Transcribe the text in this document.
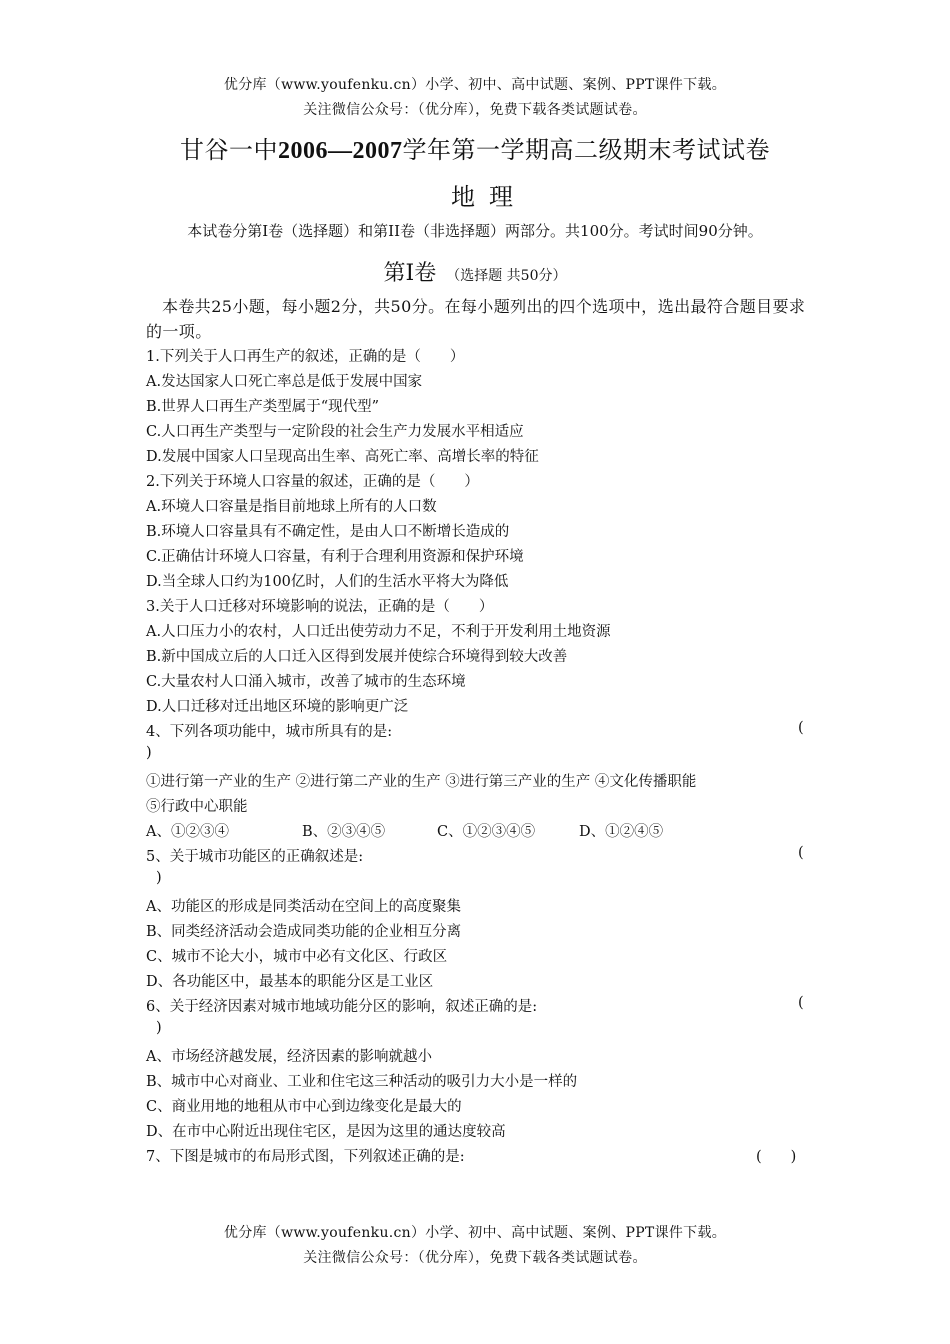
优分库（www.youfenku.cn）小学、初中、高中试题、案例、PPT课件下载。
关注微信公众号：（优分库），免费下载各类试题试卷。
甘谷一中2006—2007学年第一学期高二级期末考试试卷
地理
本试卷分第I卷（选择题）和第II卷（非选择题）两部分。共100分。考试时间90分钟。
第I卷 （选择题 共50分）
本卷共25小题，每小题2分，共50分。在每小题列出的四个选项中，选出最符合题目要求的一项。
1.下列关于人口再生产的叙述，正确的是（　　）
A.发达国家人口死亡率总是低于发展中国家
B.世界人口再生产类型属于“现代型”
C.人口再生产类型与一定阶段的社会生产力发展水平相适应
D.发展中国家人口呈现高出生率、高死亡率、高增长率的特征
2.下列关于环境人口容量的叙述，正确的是（　　）
A.环境人口容量是指目前地球上所有的人口数
B.环境人口容量具有不确定性，是由人口不断增长造成的
C.正确估计环境人口容量，有利于合理利用资源和保护环境
D.当全球人口约为100亿时，人们的生活水平将大为降低
3.关于人口迁移对环境影响的说法，正确的是（　　）
A.人口压力小的农村，人口迁出使劳动力不足，不利于开发利用土地资源
B.新中国成立后的人口迁入区得到发展并使综合环境得到较大改善
C.大量农村人口涌入城市，改善了城市的生态环境
D.人口迁移对迁出地区环境的影响更广泛
4、下列各项功能中，城市所具有的是:	(
)
①进行第一产业的生产 ②进行第二产业的生产 ③进行第三产业的生产 ④文化传播职能
⑤行政中心职能
A、①②③④	B、②③④⑤	C、①②③④⑤	D、①②④⑤
5、关于城市功能区的正确叙述是:	(
)
A、功能区的形成是同类活动在空间上的高度聚集
B、同类经济活动会造成同类功能的企业相互分离
C、城市不论大小，城市中必有文化区、行政区
D、各功能区中，最基本的职能分区是工业区
6、关于经济因素对城市地域功能分区的影响，叙述正确的是:	(
)
A、市场经济越发展，经济因素的影响就越小
B、城市中心对商业、工业和住宅这三种活动的吸引力大小是一样的
C、商业用地的地租从市中心到边缘变化是最大的
D、在市中心附近出现住宅区，是因为这里的通达度较高
7、下图是城市的布局形式图，下列叙述正确的是:	(　　)
优分库（www.youfenku.cn）小学、初中、高中试题、案例、PPT课件下载。
关注微信公众号：（优分库），免费下载各类试题试卷。
